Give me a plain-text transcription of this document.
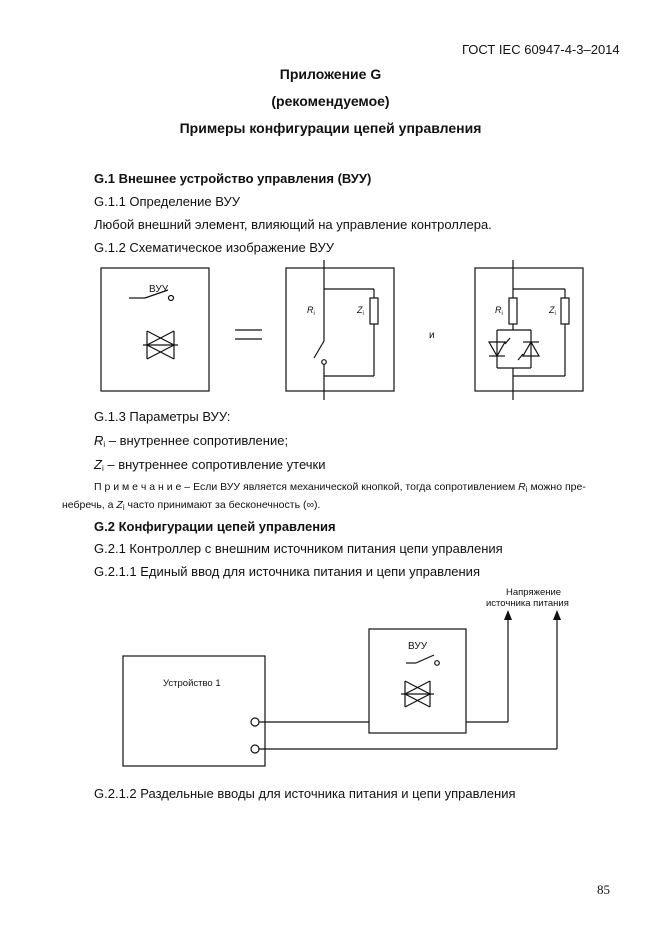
ГОСТ IEC 60947-4-3–2014
Приложение G
(рекомендуемое)
Примеры конфигурации цепей управления
G.1 Внешнее устройство управления (ВУУ)
G.1.1 Определение ВУУ
Любой внешний элемент, влияющий на управление контроллера.
G.1.2 Схематическое изображение ВУУ
ВУУ
и
$R_i$	$Z_i$	$R_i$	$Z_i$
G.1.3 Параметры ВУУ:
$R_i$ – внутреннее сопротивление;
$Z_i$ – внутреннее сопротивление утечки
П р и м е ч а н и е – Если ВУУ является механической кнопкой, тогда сопротивлением $R_i$ можно пре-
небречь, а $Z_i$ часто принимают за бесконечность (∞).
G.2 Конфигурации цепей управления
G.2.1 Контроллер с внешним источником питания цепи управления
G.2.1.1 Единый ввод для источника питания и цепи управления
Напряжение
источника питания
Устройство 1
ВУУ
G.2.1.2 Раздельные вводы для источника питания и цепи управления
85
